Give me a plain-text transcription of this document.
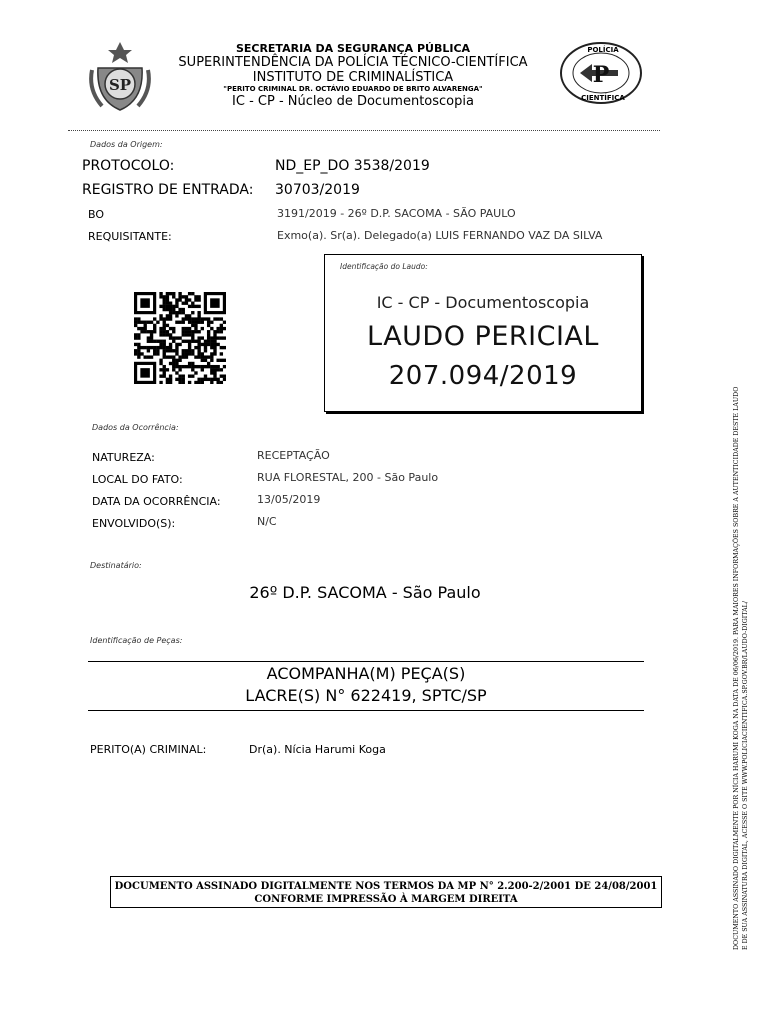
SP
SECRETARIA DA SEGURANÇA PÚBLICA
SUPERINTENDÊNCIA DA POLÍCIA TÉCNICO-CIENTÍFICA
INSTITUTO DE CRIMINALÍSTICA
"PERITO CRIMINAL DR. OCTÁVIO EDUARDO DE BRITO ALVARENGA"
IC - CP - Núcleo de Documentoscopia
P
POLÍCIA
CIENTÍFICA
Dados da Origem:
PROTOCOLO:	ND_EP_DO 3538/2019
REGISTRO DE ENTRADA: 30703/2019
BO	3191/2019 - 26º D.P. SACOMA - SÃO PAULO
REQUISITANTE:	Exmo(a). Sr(a). Delegado(a) LUIS FERNANDO VAZ DA SILVA
Identificação do Laudo:
IC - CP - Documentoscopia
LAUDO PERICIAL
207.094/2019
Dados da Ocorrência:
NATUREZA:	RECEPTAÇÃO
LOCAL DO FATO:	RUA FLORESTAL, 200 - São Paulo
DATA DA OCORRÊNCIA:	13/05/2019
ENVOLVIDO(S):	N/C
Destinatário:
26º D.P. SACOMA - São Paulo
Identificação de Peças:
ACOMPANHA(M) PEÇA(S)
LACRE(S) N° 622419, SPTC/SP
PERITO(A) CRIMINAL:	Dr(a). Nícia Harumi Koga
DOCUMENTO ASSINADO DIGITALMENTE NOS TERMOS DA MP N° 2.200-2/2001 DE 24/08/2001
CONFORME IMPRESSÃO À MARGEM DIREITA	DOCUMENTO ASSINADO DIGITALMENTE POR NÍCIA HARUMI KOGA NA DATA DE 06/06/2019. PARA MAIORES INFORMAÇÕES SOBRE A AUTENTICIDADE DESTE LAUDO E DE SUA ASSINATURA DIGITAL, ACESSE O SITE WWW.POLICIACIENTIFICA.SP.GOV.BR/LAUDO-DIGITAL/
